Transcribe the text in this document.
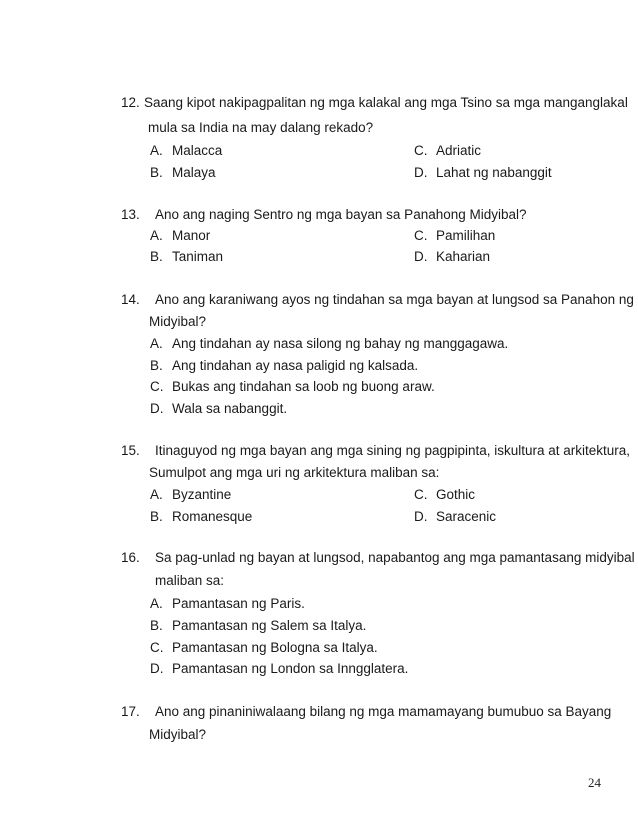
12. Saang kipot nakipagpalitan ng mga kalakal ang mga Tsino sa mga manganglakal
mula sa India na may dalang rekado?
A. Malacca
B. Malaya
C. Adriatic
D. Lahat ng nabanggit
13. Ano ang naging Sentro ng mga bayan sa Panahong Midyibal?
A. Manor
B. Taniman
C. Pamilihan
D. Kaharian
14. Ano ang karaniwang ayos ng tindahan sa mga bayan at lungsod sa Panahon ng
Midyibal?
A. Ang tindahan ay nasa silong ng bahay ng manggagawa.
B. Ang tindahan ay nasa paligid ng kalsada.
C. Bukas ang tindahan sa loob ng buong araw.
D. Wala sa nabanggit.
15. Itinaguyod ng mga bayan ang mga sining ng pagpipinta, iskultura at arkitektura,
Sumulpot ang mga uri ng arkitektura maliban sa:
A. Byzantine
B. Romanesque
C. Gothic
D. Saracenic
16. Sa pag-unlad ng bayan at lungsod, napabantog ang mga pamantasang midyibal
maliban sa:
A. Pamantasan ng Paris.
B. Pamantasan ng Salem sa Italya.
C. Pamantasan ng Bologna sa Italya.
D. Pamantasan ng London sa Inngglatera.
17. Ano ang pinaniniwalaang bilang ng mga mamamayang bumubuo sa Bayang
Midyibal?
24
